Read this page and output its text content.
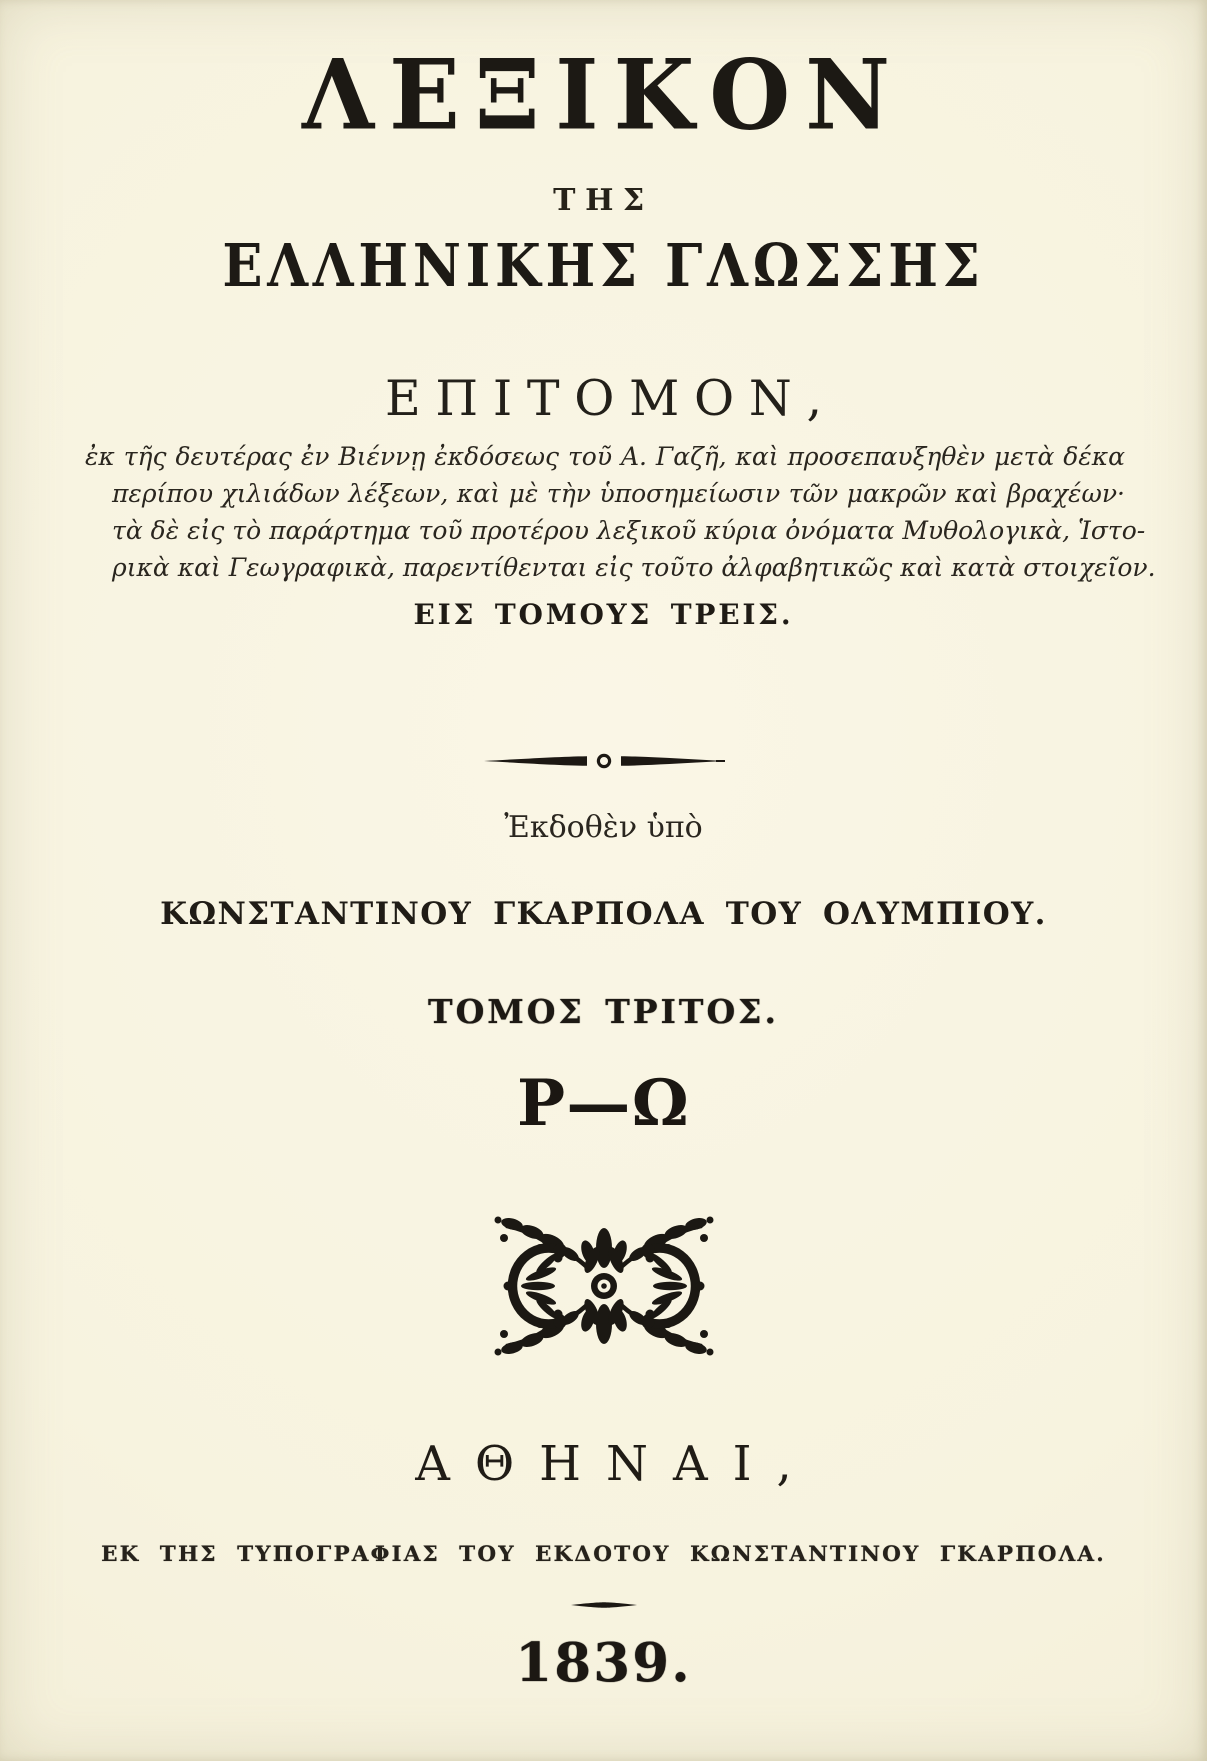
ΛΕΞΙΚΟΝ
ΤΗΣ
ΕΛΛΗΝΙΚΗΣ ΓΛΩΣΣΗΣ
ΕΠΙΤΟΜΟΝ,
ἐκ τῆς δευτέρας ἐν Βιέννῃ ἐκδόσεως τοῦ Α. Γαζῆ, καὶ προσεπαυξηθὲν μετὰ δέκα
περίπου χιλιάδων λέξεων, καὶ μὲ τὴν ὑποσημείωσιν τῶν μακρῶν καὶ βραχέων·
τὰ δὲ εἰς τὸ παράρτημα τοῦ προτέρου λεξικοῦ κύρια ὀνόματα Μυθολογικὰ, Ἱστο-
ρικὰ καὶ Γεωγραφικὰ, παρεντίθενται εἰς τοῦτο ἀλφαβητικῶς καὶ κατὰ στοιχεῖον.
ΕΙΣ ΤΟΜΟΥΣ ΤΡΕΙΣ.
Ἐκδοθὲν ὑπὸ
ΚΩΝΣΤΑΝΤΙΝΟΥ ΓΚΑΡΠΟΛΑ ΤΟΥ ΟΛΥΜΠΙΟΥ.
ΤΟΜΟΣ ΤΡΙΤΟΣ.
Ρ—Ω
ΑΘΗΝΑΙ,
ΕΚ ΤΗΣ ΤΥΠΟΓΡΑΦΙΑΣ ΤΟΥ ΕΚΔΟΤΟΥ ΚΩΝΣΤΑΝΤΙΝΟΥ ΓΚΑΡΠΟΛΑ.
1839.
